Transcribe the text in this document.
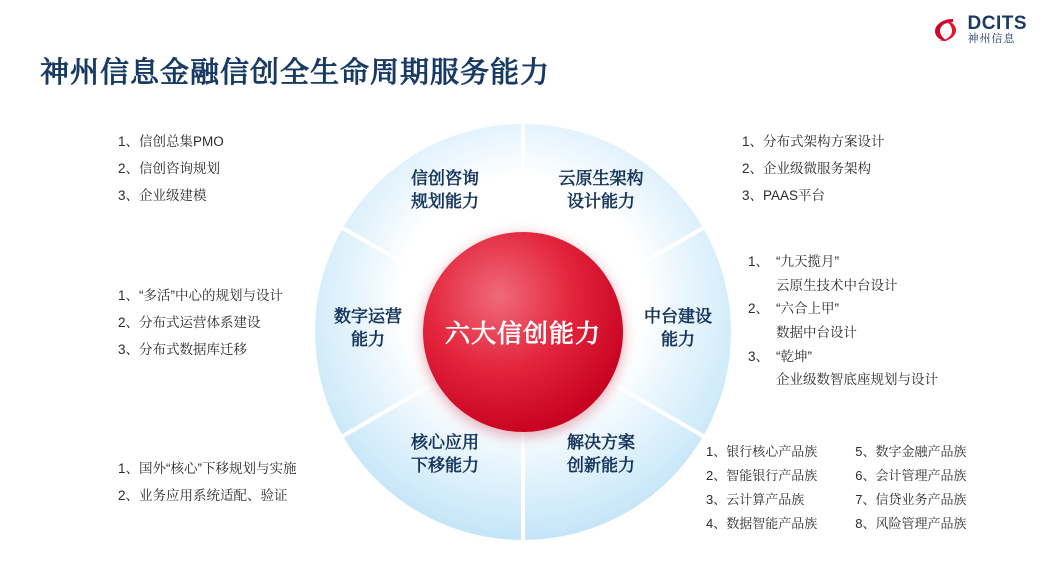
DCITS
神州信息
神州信息金融信创全生命周期服务能力
六大信创能力
信创咨询
规划能力
云原生架构
设计能力
中台建设
能力
解决方案
创新能力
核心应用
下移能力
数字运营
能力
1、信创总集PMO
2、信创咨询规划
3、企业级建模
1、“多活”中心的规划与设计
2、分布式运营体系建设
3、分布式数据库迁移
1、国外“核心”下移规划与实施
2、业务应用系统适配、验证
1、分布式架构方案设计
2、企业级微服务架构
3、PAAS平台
1、 “九天揽月”
云原生技术中台设计
2、 “六合上甲”
数据中台设计
3、 “乾坤”
企业级数智底座规划与设计
1、银行核心产品族
2、智能银行产品族
3、云计算产品族
4、数据智能产品族
5、数字金融产品族
6、会计管理产品族
7、信贷业务产品族
8、风险管理产品族
